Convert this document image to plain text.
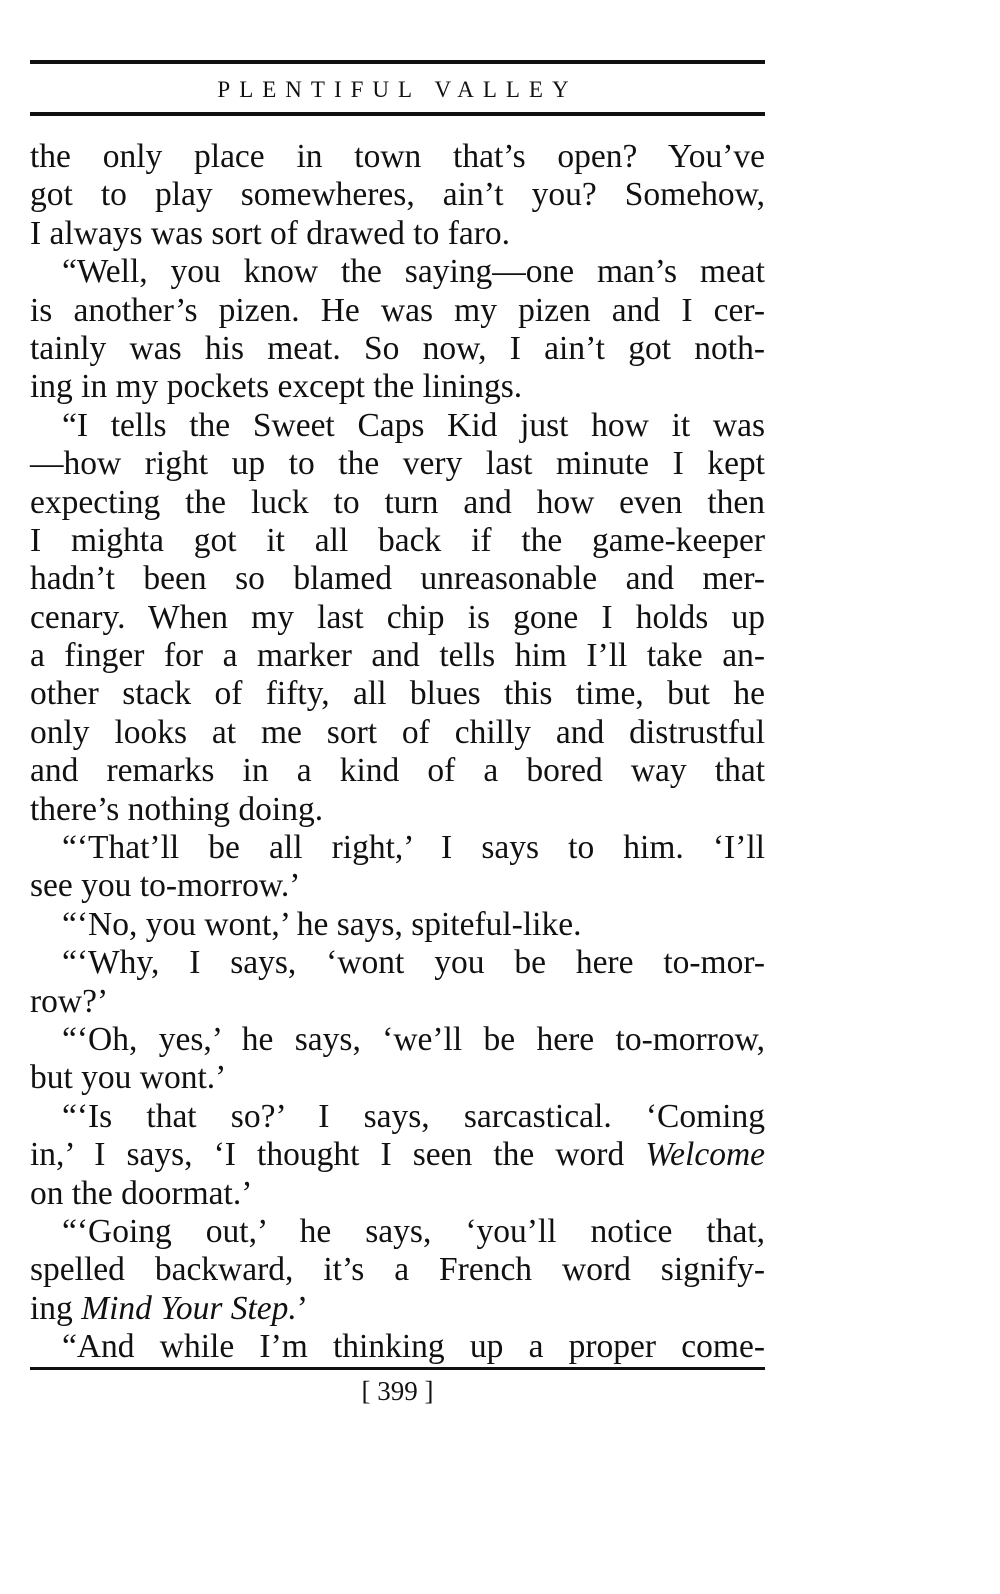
PLENTIFUL VALLEY
the only place in town that’s open? You’ve
got to play somewheres, ain’t you? Somehow,
I always was sort of drawed to faro.
“Well, you know the saying—one man’s meat
is another’s pizen. He was my pizen and I cer-
tainly was his meat. So now, I ain’t got noth-
ing in my pockets except the linings.
“I tells the Sweet Caps Kid just how it was
—how right up to the very last minute I kept
expecting the luck to turn and how even then
I mighta got it all back if the game-keeper
hadn’t been so blamed unreasonable and mer-
cenary. When my last chip is gone I holds up
a finger for a marker and tells him I’ll take an-
other stack of fifty, all blues this time, but he
only looks at me sort of chilly and distrustful
and remarks in a kind of a bored way that
there’s nothing doing.
“‘That’ll be all right,’ I says to him. ‘I’ll
see you to-morrow.’
“‘No, you wont,’ he says, spiteful-like.
“‘Why, I says, ‘wont you be here to-mor-
row?’
“‘Oh, yes,’ he says, ‘we’ll be here to-morrow,
but you wont.’
“‘Is that so?’ I says, sarcastical. ‘Coming
in,’ I says, ‘I thought I seen the word Welcome
on the doormat.’
“‘Going out,’ he says, ‘you’ll notice that,
spelled backward, it’s a French word signify-
ing Mind Your Step.’
“And while I’m thinking up a proper come-
[ 399 ]
